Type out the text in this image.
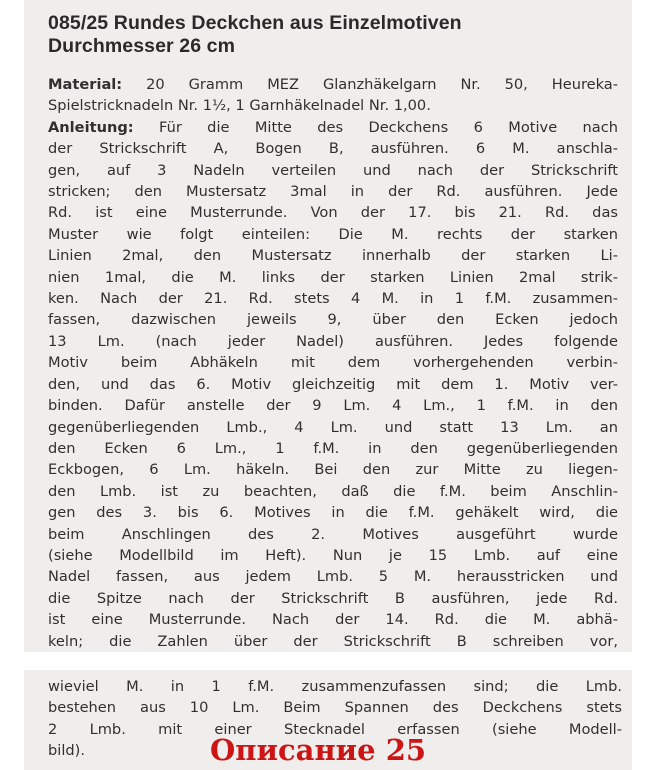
085/25 Rundes Deckchen aus Einzelmotiven
Durchmesser 26 cm
Material: 20 Gramm MEZ Glanzhäkelgarn Nr. 50, Heureka-
Spielstricknadeln Nr. 1½, 1 Garnhäkelnadel Nr. 1,00.
Anleitung: Für die Mitte des Deckchens 6 Motive nach
der Strickschrift A, Bogen B, ausführen. 6 M. anschla-
gen, auf 3 Nadeln verteilen und nach der Strickschrift
stricken; den Mustersatz 3mal in der Rd. ausführen. Jede
Rd. ist eine Musterrunde. Von der 17. bis 21. Rd. das
Muster wie folgt einteilen: Die M. rechts der starken
Linien 2mal, den Mustersatz innerhalb der starken Li-
nien 1mal, die M. links der starken Linien 2mal strik-
ken. Nach der 21. Rd. stets 4 M. in 1 f.M. zusammen-
fassen, dazwischen jeweils 9, über den Ecken jedoch
13 Lm. (nach jeder Nadel) ausführen. Jedes folgende
Motiv beim Abhäkeln mit dem vorhergehenden verbin-
den, und das 6. Motiv gleichzeitig mit dem 1. Motiv ver-
binden. Dafür anstelle der 9 Lm. 4 Lm., 1 f.M. in den
gegenüberliegenden Lmb., 4 Lm. und statt 13 Lm. an
den Ecken 6 Lm., 1 f.M. in den gegenüberliegenden
Eckbogen, 6 Lm. häkeln. Bei den zur Mitte zu liegen-
den Lmb. ist zu beachten, daß die f.M. beim Anschlin-
gen des 3. bis 6. Motives in die f.M. gehäkelt wird, die
beim Anschlingen des 2. Motives ausgeführt wurde
(siehe Modellbild im Heft). Nun je 15 Lmb. auf eine
Nadel fassen, aus jedem Lmb. 5 M. herausstricken und
die Spitze nach der Strickschrift B ausführen, jede Rd.
ist eine Musterrunde. Nach der 14. Rd. die M. abhä-
keln; die Zahlen über der Strickschrift B schreiben vor,
wieviel M. in 1 f.M. zusammenzufassen sind; die Lmb.
bestehen aus 10 Lm. Beim Spannen des Deckchens stets
2 Lmb. mit einer Stecknadel erfassen (siehe Modell-
bild).	Описание 25
